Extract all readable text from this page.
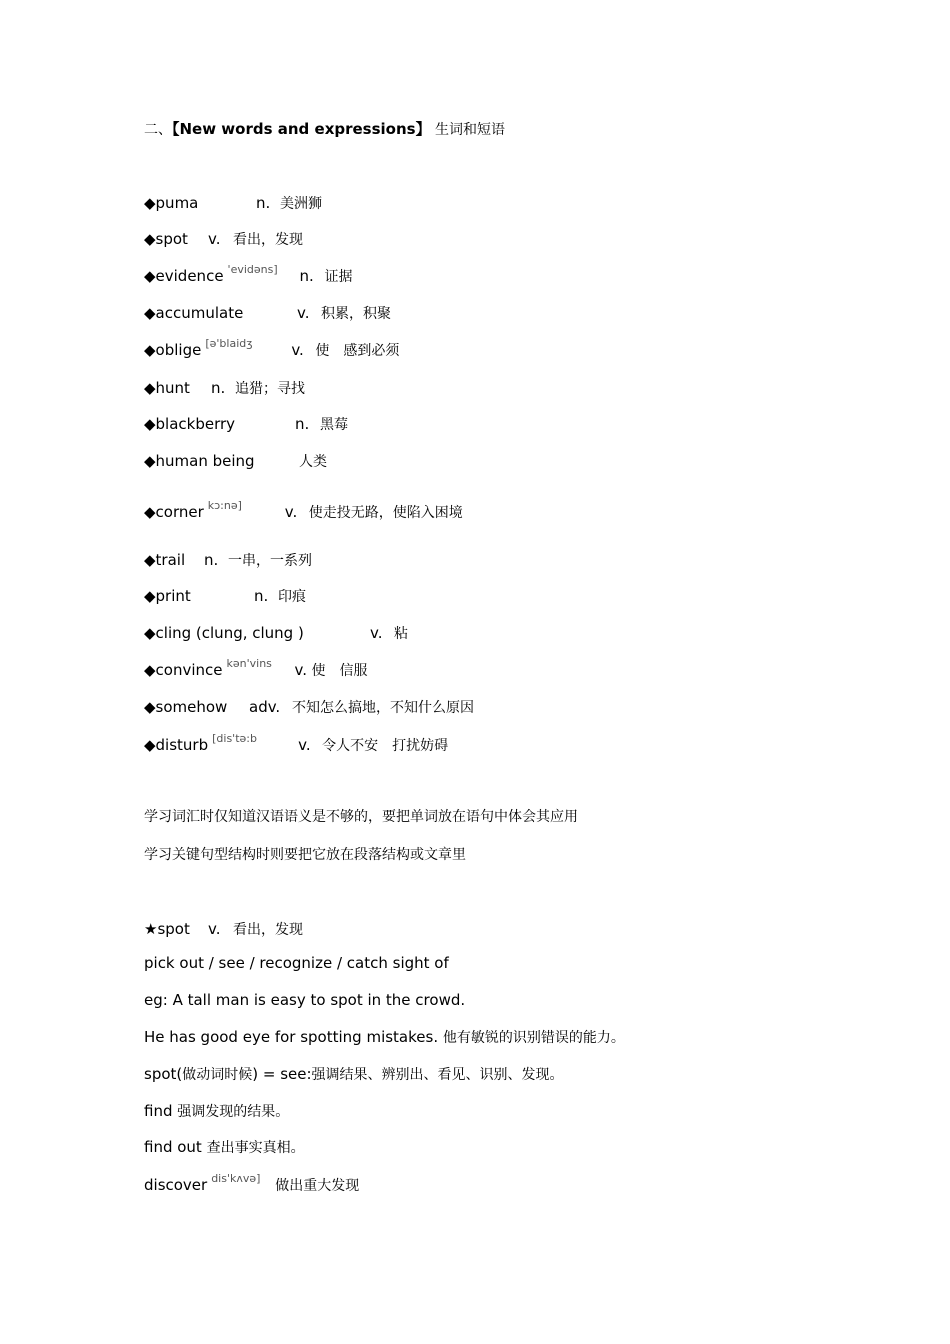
二、【New words and expressions】 生词和短语
◆puma	n. 美洲狮
◆spot v. 看出，发现
◆evidence 'evidəns] n. 证据
◆accumulate	v. 积累，积聚
◆oblige [ə'blaidʒ	v. 使　感到必须
◆hunt n. 追猎；寻找
◆blackberry	n. 黑莓
◆human being	人类
◆corner kɔ:nə]	v. 使走投无路，使陷入困境
◆trail n. 一串，一系列
◆print	n. 印痕
◆cling (clung, clung )	v. 粘
◆convince kən'vins v. 使　信服
◆somehow adv. 不知怎么搞地，不知什么原因
◆disturb [dis'tə:b	v. 令人不安　打扰妨碍
学习词汇时仅知道汉语语义是不够的，要把单词放在语句中体会其应用
学习关键句型结构时则要把它放在段落结构或文章里
★spot v. 看出，发现
pick out / see / recognize / catch sight of
eg: A tall man is easy to spot in the crowd.
He has good eye for spotting mistakes. 他有敏锐的识别错误的能力。
spot(做动词时候) = see:强调结果、辨别出、看见、识别、发现。
find 强调发现的结果。
find out 查出事实真相。
discover dis'kʌvə] 做出重大发现
